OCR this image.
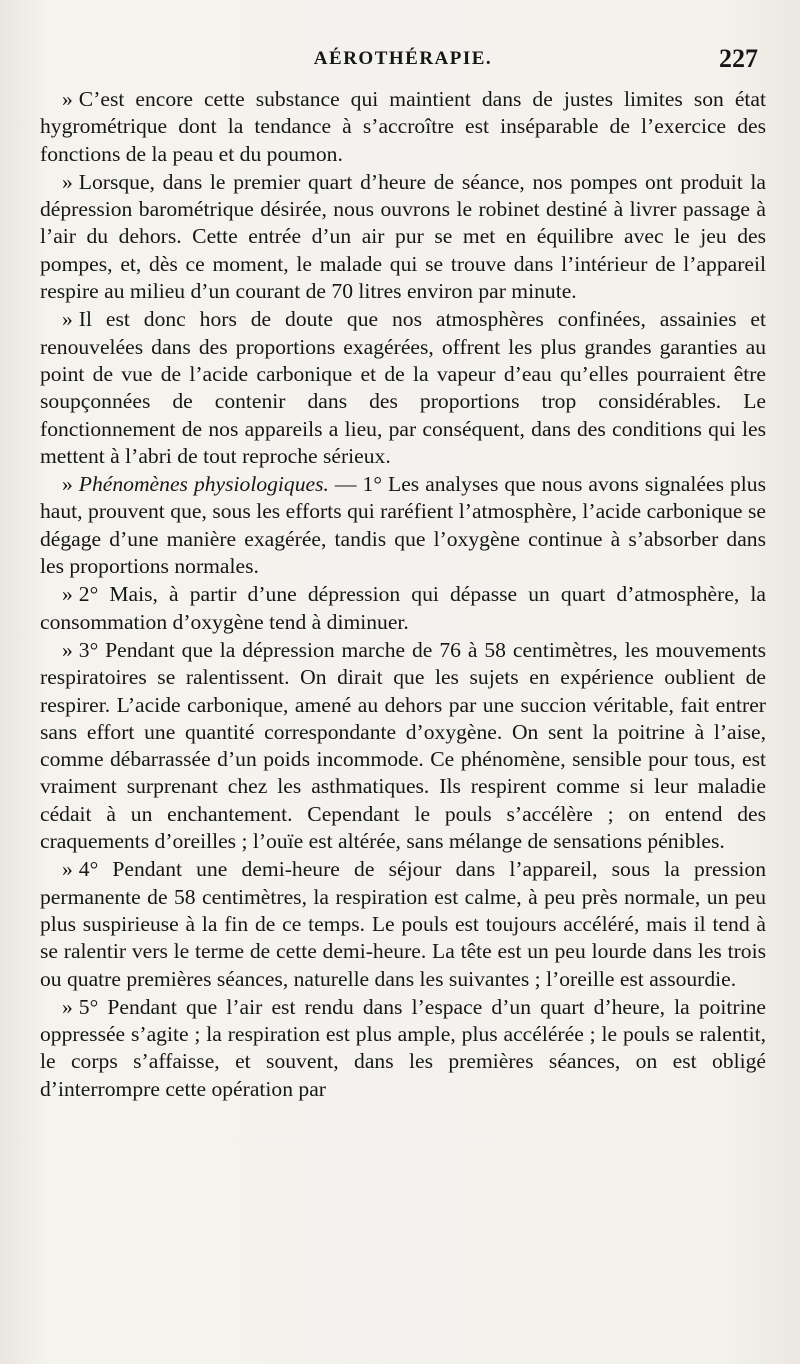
AÉROTHÉRAPIE.	227

» C’est encore cette substance qui maintient dans de justes limites son état hygrométrique dont la tendance à s’accroître est inséparable de l’exercice des fonctions de la peau et du poumon.

» Lorsque, dans le premier quart d’heure de séance, nos pompes ont produit la dépression barométrique désirée, nous ouvrons le robinet destiné à livrer passage à l’air du dehors. Cette entrée d’un air pur se met en équilibre avec le jeu des pompes, et, dès ce moment, le malade qui se trouve dans l’intérieur de l’appareil respire au milieu d’un courant de 70 litres environ par minute.

» Il est donc hors de doute que nos atmosphères confinées, assainies et renouvelées dans des proportions exagérées, offrent les plus grandes garanties au point de vue de l’acide carbonique et de la vapeur d’eau qu’elles pourraient être soupçonnées de contenir dans des proportions trop considérables. Le fonctionnement de nos appareils a lieu, par conséquent, dans des conditions qui les mettent à l’abri de tout reproche sérieux.

» Phénomènes physiologiques. — 1° Les analyses que nous avons signalées plus haut, prouvent que, sous les efforts qui raréfient l’atmosphère, l’acide carbonique se dégage d’une manière exagérée, tandis que l’oxygène continue à s’absorber dans les proportions normales.

» 2° Mais, à partir d’une dépression qui dépasse un quart d’atmosphère, la consommation d’oxygène tend à diminuer.

» 3° Pendant que la dépression marche de 76 à 58 centimètres, les mouvements respiratoires se ralentissent. On dirait que les sujets en expérience oublient de respirer. L’acide carbonique, amené au dehors par une succion véritable, fait entrer sans effort une quantité correspondante d’oxygène. On sent la poitrine à l’aise, comme débarrassée d’un poids incommode. Ce phénomène, sensible pour tous, est vraiment surprenant chez les asthmatiques. Ils respirent comme si leur maladie cédait à un enchantement. Cependant le pouls s’accélère ; on entend des craquements d’oreilles ; l’ouïe est altérée, sans mélange de sensations pénibles.

» 4° Pendant une demi-heure de séjour dans l’appareil, sous la pression permanente de 58 centimètres, la respiration est calme, à peu près normale, un peu plus suspirieuse à la fin de ce temps. Le pouls est toujours accéléré, mais il tend à se ralentir vers le terme de cette demi-heure. La tête est un peu lourde dans les trois ou quatre premières séances, naturelle dans les suivantes ; l’oreille est assourdie.

» 5° Pendant que l’air est rendu dans l’espace d’un quart d’heure, la poitrine oppressée s’agite ; la respiration est plus ample, plus accélérée ; le pouls se ralentit, le corps s’affaisse, et souvent, dans les premières séances, on est obligé d’interrompre cette opération par
